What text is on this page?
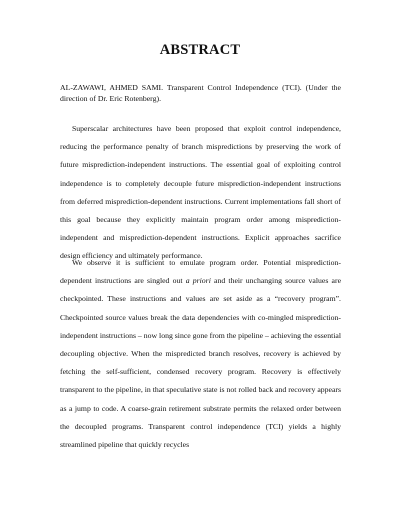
ABSTRACT
AL-ZAWAWI, AHMED SAMI. Transparent Control Independence (TCI). (Under the direction of Dr. Eric Rotenberg).
Superscalar architectures have been proposed that exploit control independence, reducing the performance penalty of branch mispredictions by preserving the work of future misprediction-independent instructions. The essential goal of exploiting control independence is to completely decouple future misprediction-independent instructions from deferred misprediction-dependent instructions. Current implementations fall short of this goal because they explicitly maintain program order among misprediction-independent and misprediction-dependent instructions. Explicit approaches sacrifice design efficiency and ultimately performance.
We observe it is sufficient to emulate program order. Potential misprediction-dependent instructions are singled out a priori and their unchanging source values are checkpointed. These instructions and values are set aside as a “recovery program”. Checkpointed source values break the data dependencies with co-mingled misprediction-independent instructions – now long since gone from the pipeline – achieving the essential decoupling objective. When the mispredicted branch resolves, recovery is achieved by fetching the self-sufficient, condensed recovery program. Recovery is effectively transparent to the pipeline, in that speculative state is not rolled back and recovery appears as a jump to code. A coarse-grain retirement substrate permits the relaxed order between the decoupled programs. Transparent control independence (TCI) yields a highly streamlined pipeline that quickly recycles
